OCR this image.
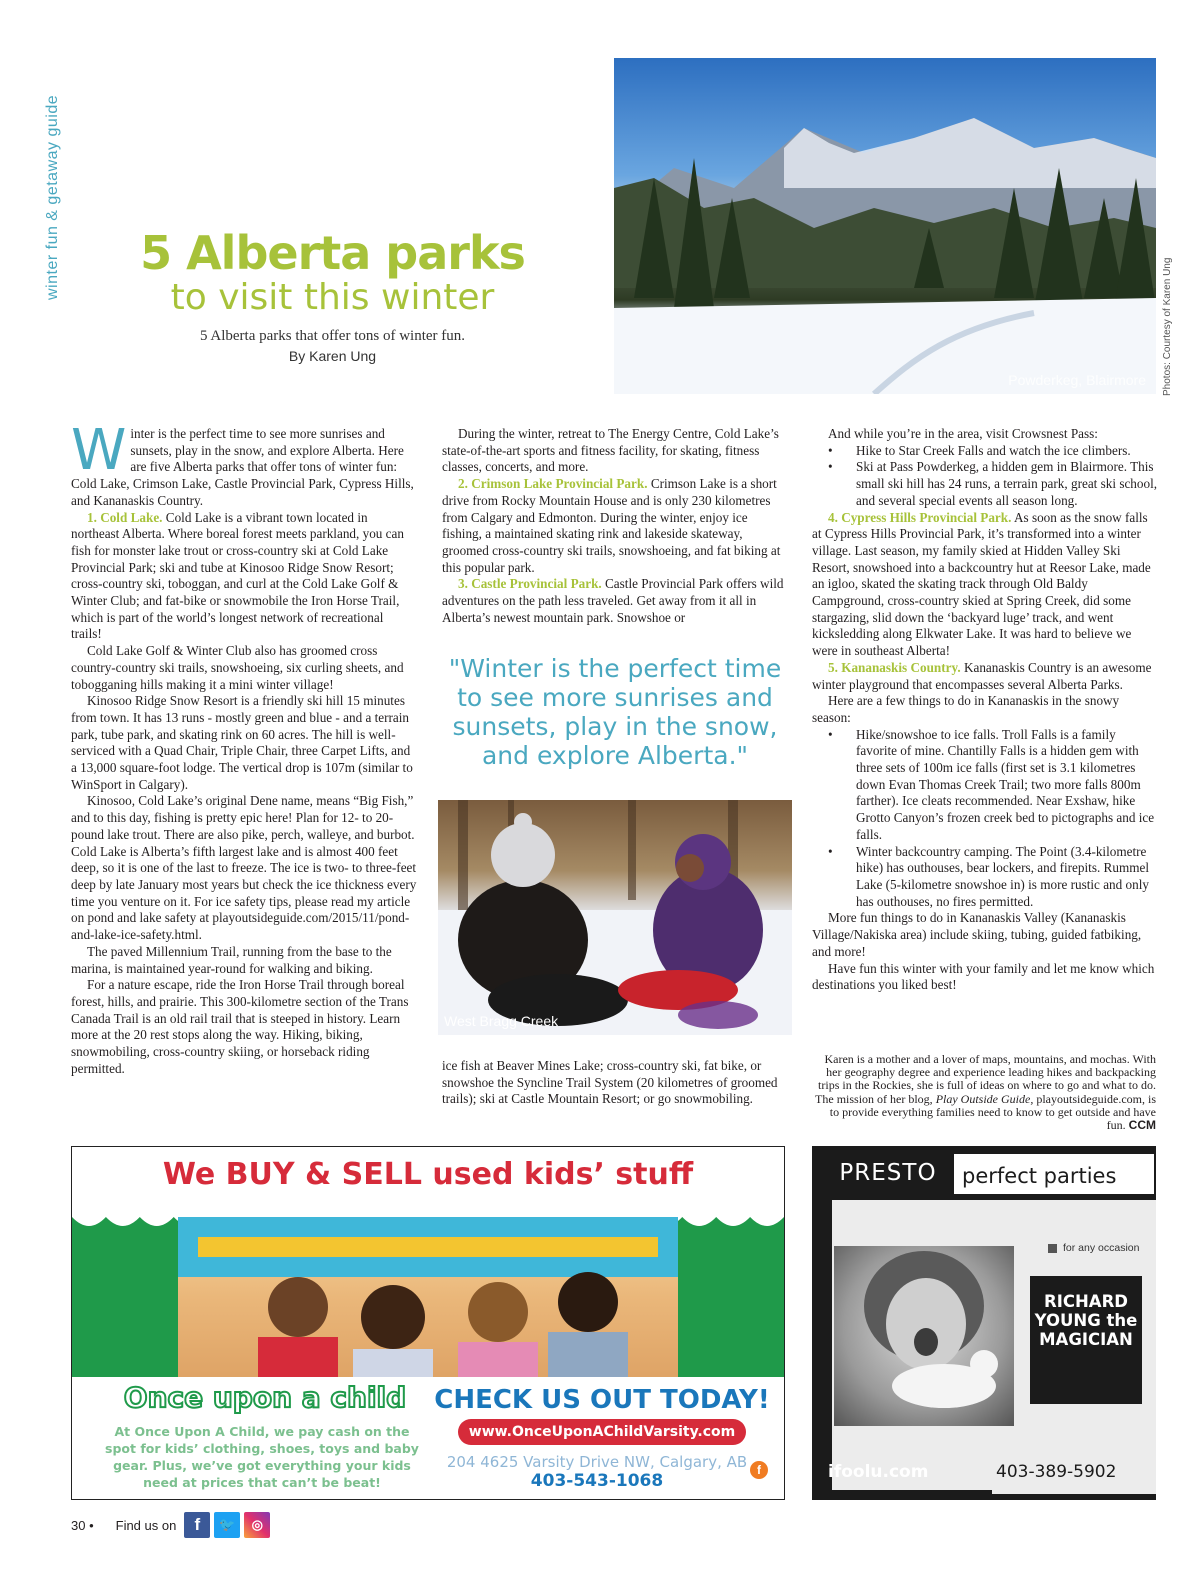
winter fun & getaway guide
Powderkeg, Blairmore Photos: Courtesy of Karen Ung
5 Alberta parks
to visit this winter
5 Alberta parks that offer tons of winter fun.
By Karen Ung

Winter is the perfect time to see more sunrises and sunsets, play in the snow, and explore Alberta. Here are five Alberta parks that offer tons of winter fun: Cold Lake, Crimson Lake, Castle Provincial Park, Cypress Hills, and Kananaskis Country.

1. Cold Lake. Cold Lake is a vibrant town located in northeast Alberta. Where boreal forest meets parkland, you can fish for monster lake trout or cross-country ski at Cold Lake Provincial Park; ski and tube at Kinosoo Ridge Snow Resort; cross-country ski, toboggan, and curl at the Cold Lake Golf & Winter Club; and fat-bike or snowmobile the Iron Horse Trail, which is part of the world’s longest network of recreational trails!

Cold Lake Golf & Winter Club also has groomed cross country-country ski trails, snowshoeing, six curling sheets, and tobogganing hills making it a mini winter village!

Kinosoo Ridge Snow Resort is a friendly ski hill 15 minutes from town. It has 13 runs - mostly green and blue - and a terrain park, tube park, and skating rink on 60 acres. The hill is well-serviced with a Quad Chair, Triple Chair, three Carpet Lifts, and a 13,000 square-foot lodge. The vertical drop is 107m (similar to WinSport in Calgary).

Kinosoo, Cold Lake’s original Dene name, means “Big Fish,” and to this day, fishing is pretty epic here! Plan for 12- to 20-pound lake trout. There are also pike, perch, walleye, and burbot. Cold Lake is Alberta’s fifth largest lake and is almost 400 feet deep, so it is one of the last to freeze. The ice is two- to three-feet deep by late January most years but check the ice thickness every time you venture on it. For ice safety tips, please read my article on pond and lake safety at playoutsideguide.com/2015/11/pond-and-lake-ice-safety.html.

The paved Millennium Trail, running from the base to the marina, is maintained year-round for walking and biking.

For a nature escape, ride the Iron Horse Trail through boreal forest, hills, and prairie. This 300-kilometre section of the Trans Canada Trail is an old rail trail that is steeped in history. Learn more at the 20 rest stops along the way. Hiking, biking, snowmobiling, cross-country skiing, or horseback riding permitted.

During the winter, retreat to The Energy Centre, Cold Lake’s state-of-the-art sports and fitness facility, for skating, fitness classes, concerts, and more.

2. Crimson Lake Provincial Park. Crimson Lake is a short drive from Rocky Mountain House and is only 230 kilometres from Calgary and Edmonton. During the winter, enjoy ice fishing, a maintained skating rink and lakeside skateway, groomed cross-country ski trails, snowshoeing, and fat biking at this popular park.

3. Castle Provincial Park. Castle Provincial Park offers wild adventures on the path less traveled. Get away from it all in Alberta’s newest mountain park. Snowshoe or

"Winter is the perfect time to see more sunrises and sunsets, play in the snow, and explore Alberta."
West Bragg Creek

ice fish at Beaver Mines Lake; cross-country ski, fat bike, or snowshoe the Syncline Trail System (20 kilometres of groomed trails); ski at Castle Mountain Resort; or go snowmobiling.

And while you’re in the area, visit Crowsnest Pass:

• Hike to Star Creek Falls and watch the ice climbers.
• Ski at Pass Powderkeg, a hidden gem in Blairmore. This small ski hill has 24 runs, a terrain park, great ski school, and several special events all season long.

4. Cypress Hills Provincial Park. As soon as the snow falls at Cypress Hills Provincial Park, it’s transformed into a winter village. Last season, my family skied at Hidden Valley Ski Resort, snowshoed into a backcountry hut at Reesor Lake, made an igloo, skated the skating track through Old Baldy Campground, cross-country skied at Spring Creek, did some stargazing, slid down the ‘backyard luge’ track, and went kicksledding along Elkwater Lake. It was hard to believe we were in southeast Alberta!

5. Kananaskis Country. Kananaskis Country is an awesome winter playground that encompasses several Alberta Parks.

Here are a few things to do in Kananaskis in the snowy season:

• Hike/snowshoe to ice falls. Troll Falls is a family favorite of mine. Chantilly Falls is a hidden gem with three sets of 100m ice falls (first set is 3.1 kilometres down Evan Thomas Creek Trail; two more falls 800m farther). Ice cleats recommended. Near Exshaw, hike Grotto Canyon’s frozen creek bed to pictographs and ice falls.
• Winter backcountry camping. The Point (3.4-kilometre hike) has outhouses, bear lockers, and firepits. Rummel Lake (5-kilometre snowshoe in) is more rustic and only has outhouses, no fires permitted.

More fun things to do in Kananaskis Valley (Kananaskis Village/Nakiska area) include skiing, tubing, guided fatbiking, and more!

Have fun this winter with your family and let me know which destinations you liked best!

Karen is a mother and a lover of maps, mountains, and mochas. With her geography degree and experience leading hikes and backpacking trips in the Rockies, she is full of ideas on where to go and what to do. The mission of her blog, Play Outside Guide, playoutsideguide.com, is to provide everything families need to know to get outside and have fun. CCM
We BUY & SELL used kids’ stuff
Once upon a child
At Once Upon A Child, we pay cash on the spot for kids’ clothing, shoes, toys and baby gear. Plus, we’ve got everything your kids need at prices that can’t be beat!
CHECK US OUT TODAY!
www.OnceUponAChildVarsity.com
204 4625 Varsity Drive NW, Calgary, AB
403-543-1068
f
PRESTO	perfect parties
for any occasion
RICHARD YOUNG the MAGICIAN
ifoolu.com	403-389-5902
30 • Find us on	f	🐦	◎
